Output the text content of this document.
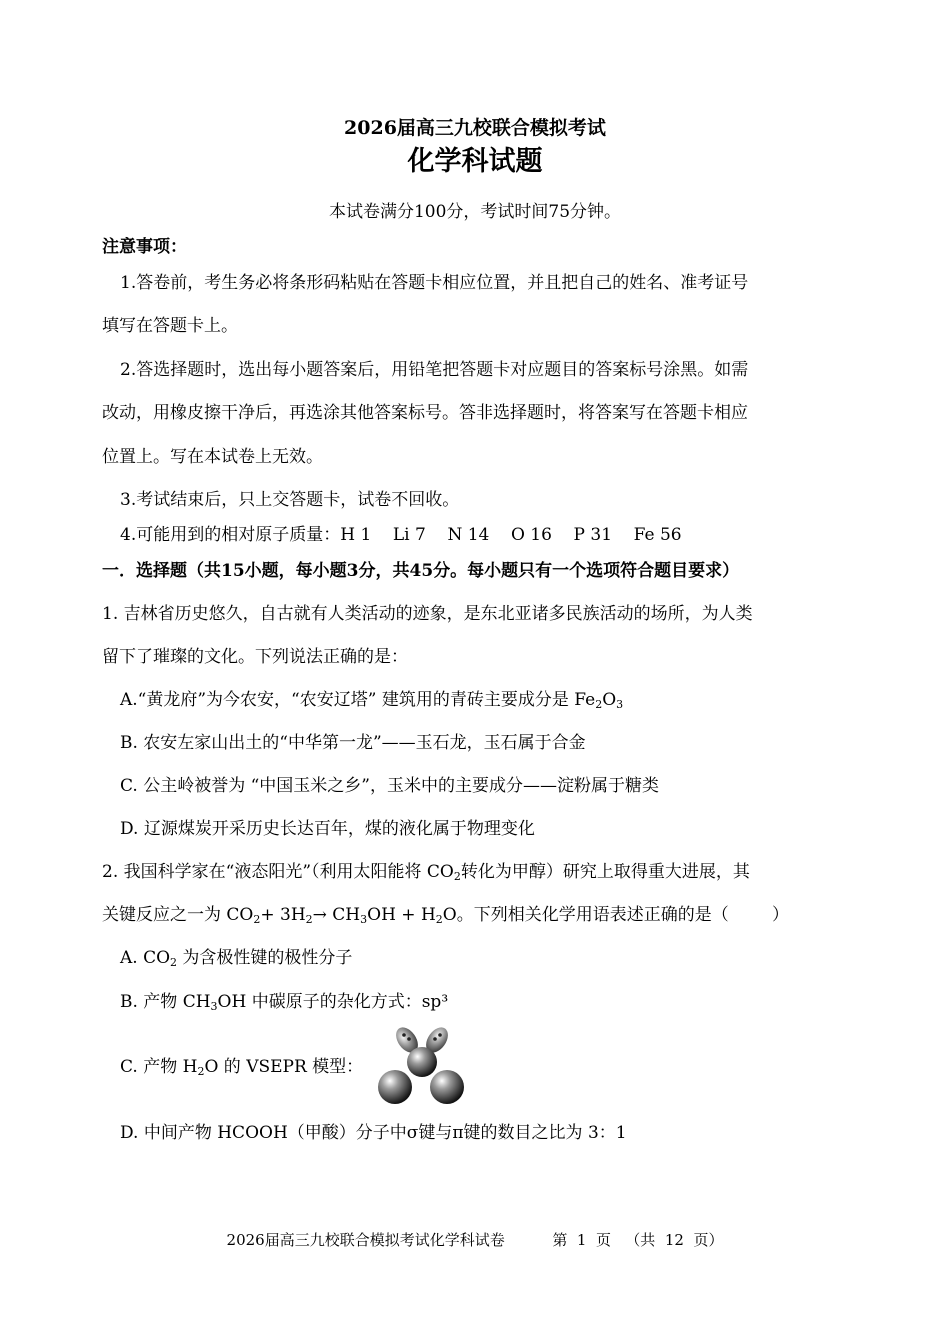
2026届高三九校联合模拟考试
化学科试题
本试卷满分100分，考试时间75分钟。
注意事项：
1.答卷前，考生务必将条形码粘贴在答题卡相应位置，并且把自己的姓名、准考证号
填写在答题卡上。
2.答选择题时，选出每小题答案后，用铅笔把答题卡对应题目的答案标号涂黑。如需
改动，用橡皮擦干净后，再选涂其他答案标号。答非选择题时，将答案写在答题卡相应
位置上。写在本试卷上无效。
3.考试结束后，只上交答题卡，试卷不回收。
4.可能用到的相对原子质量：H 1    Li 7    N 14    O 16    P 31    Fe 56
一．选择题（共15小题，每小题3分，共45分。每小题只有一个选项符合题目要求）
1. 吉林省历史悠久，自古就有人类活动的迹象，是东北亚诸多民族活动的场所，为人类
留下了璀璨的文化。下列说法正确的是：
A.“黄龙府”为今农安，“农安辽塔” 建筑用的青砖主要成分是 $Fe_2O_3$
B. 农安左家山出土的“中华第一龙”——玉石龙，玉石属于合金
C. 公主岭被誉为 “中国玉米之乡”，玉米中的主要成分——淀粉属于糖类
D. 辽源煤炭开采历史长达百年，煤的液化属于物理变化
2. 我国科学家在“液态阳光”（利用太阳能将 $CO_2$转化为甲醇）研究上取得重大进展，其
关键反应之一为 $CO_2+ 3H_2\to CH_3OH + H_2O$。下列相关化学用语表述正确的是（        ）
A. $CO_2$ 为含极性键的极性分子
B. 产物 $CH_3OH$ 中碳原子的杂化方式：sp³
C. 产物 $H_2O$ 的 VSEPR 模型：
D. 中间产物 HCOOH（甲酸）分子中σ键与π键的数目之比为 3：1
2026届高三九校联合模拟考试化学科试卷          第  1  页   （共  12  页）
